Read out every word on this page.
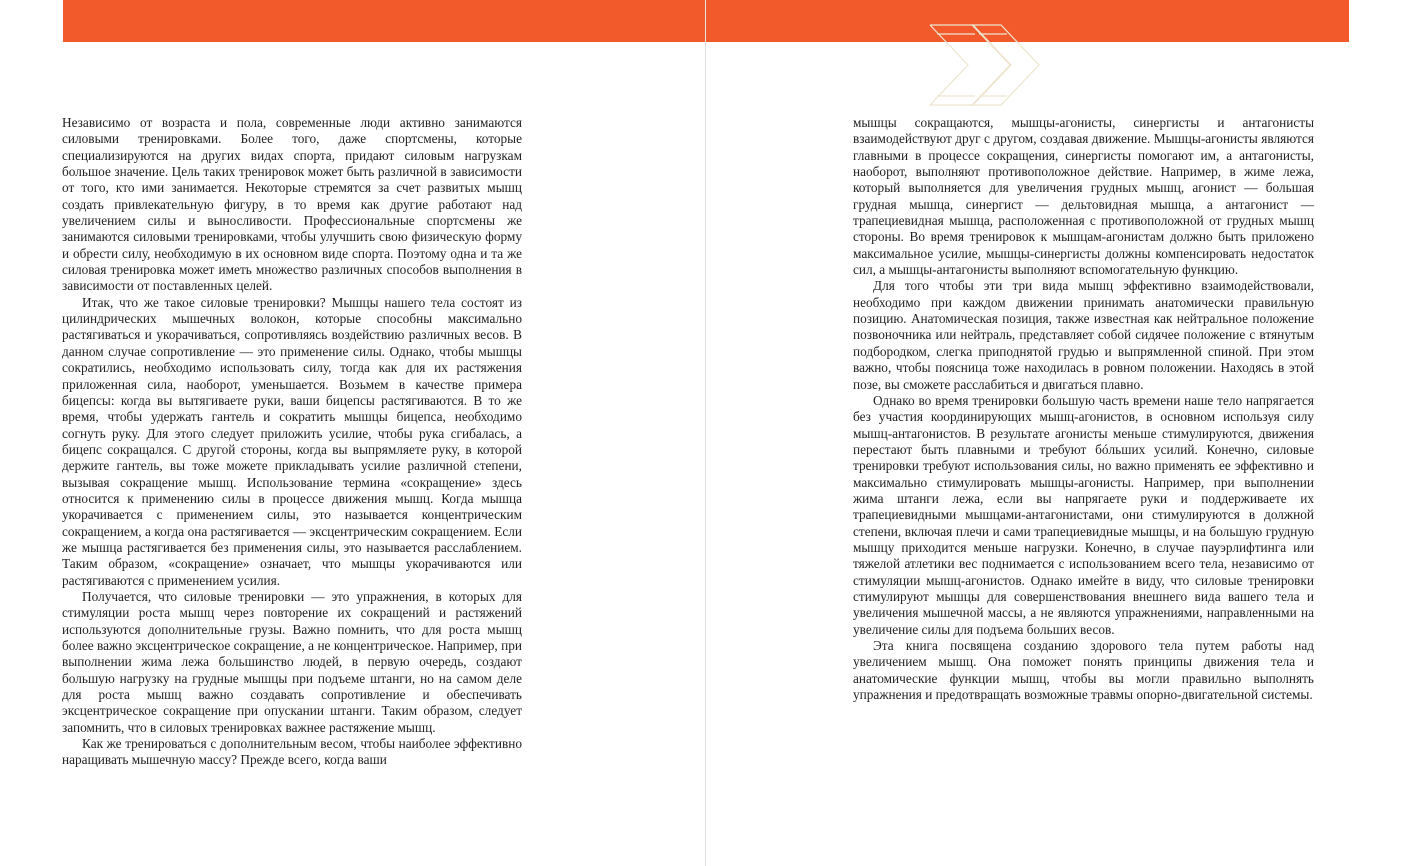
Независимо от возраста и пола, современные люди активно занимаются силовыми тренировками. Более того, даже спортсмены, которые специализируются на других видах спорта, придают силовым нагрузкам большое значение. Цель таких тренировок может быть различной в зависимости от того, кто ими занимается. Некоторые стремятся за счет развитых мышц создать привлекательную фигуру, в то время как другие работают над увеличением силы и выносливости. Профессиональные спортсмены же занимаются силовыми тренировками, чтобы улучшить свою физическую форму и обрести силу, необходимую в их основном виде спорта. Поэтому одна и та же силовая тренировка может иметь множество различных способов выполнения в зависимости от поставленных целей.

Итак, что же такое силовые тренировки? Мышцы нашего тела состоят из цилиндрических мышечных волокон, которые способны максимально растягиваться и укорачиваться, сопротивляясь воздействию различных весов. В данном случае сопротивление — это применение силы. Однако, чтобы мышцы сократились, необходимо использовать силу, тогда как для их растяжения приложенная сила, наоборот, уменьшается. Возьмем в качестве примера бицепсы: когда вы вытягиваете руки, ваши бицепсы растягиваются. В то же время, чтобы удержать гантель и сократить мышцы бицепса, необходимо согнуть руку. Для этого следует приложить усилие, чтобы рука сгибалась, а бицепс сокращался. С другой стороны, когда вы выпрямляете руку, в которой держите гантель, вы тоже можете прикладывать усилие различной степени, вызывая сокращение мышц. Использование термина «сокращение» здесь относится к применению силы в процессе движения мышц. Когда мышца укорачивается с применением силы, это называется концентрическим сокращением, а когда она растягивается — эксцентрическим сокращением. Если же мышца растягивается без применения силы, это называется расслаблением. Таким образом, «сокращение» означает, что мышцы укорачиваются или растягиваются с применением усилия.

Получается, что силовые тренировки — это упражнения, в которых для стимуляции роста мышц через повторение их сокращений и растяжений используются дополнительные грузы. Важно помнить, что для роста мышц более важно эксцентрическое сокращение, а не концентрическое. Например, при выполнении жима лежа большинство людей, в первую очередь, создают большую нагрузку на грудные мышцы при подъеме штанги, но на самом деле для роста мышц важно создавать сопротивление и обеспечивать эксцентрическое сокращение при опускании штанги. Таким образом, следует запомнить, что в силовых тренировках важнее растяжение мышц.

Как же тренироваться с дополнительным весом, чтобы наиболее эффективно наращивать мышечную массу? Прежде всего, когда ваши

мышцы сокращаются, мышцы-агонисты, синергисты и антагонисты взаимодействуют друг с другом, создавая движение. Мышцы-агонисты являются главными в процессе сокращения, синергисты помогают им, а антагонисты, наоборот, выполняют противоположное действие. Например, в жиме лежа, который выполняется для увеличения грудных мышц, агонист — большая грудная мышца, синергист — дельтовидная мышца, а антагонист — трапециевидная мышца, расположенная с противоположной от грудных мышц стороны. Во время тренировок к мышцам-агонистам должно быть приложено максимальное усилие, мышцы-синергисты должны компенсировать недостаток сил, а мышцы-антагонисты выполняют вспомогательную функцию.

Для того чтобы эти три вида мышц эффективно взаимодействовали, необходимо при каждом движении принимать анатомически правильную позицию. Анатомическая позиция, также известная как нейтральное положение позвоночника или нейтраль, представляет собой сидячее положение с втянутым подбородком, слегка приподнятой грудью и выпрямленной спиной. При этом важно, чтобы поясница тоже находилась в ровном положении. Находясь в этой позе, вы сможете расслабиться и двигаться плавно.

Однако во время тренировки большую часть времени наше тело напрягается без участия координирующих мышц-агонистов, в основном используя силу мышц-антагонистов. В результате агонисты меньше стимулируются, движения перестают быть плавными и требуют бóльших усилий. Конечно, силовые тренировки требуют использования силы, но важно применять ее эффективно и максимально стимулировать мышцы-агонисты. Например, при выполнении жима штанги лежа, если вы напрягаете руки и поддерживаете их трапециевидными мышцами-антагонистами, они стимулируются в должной степени, включая плечи и сами трапециевидные мышцы, и на большую грудную мышцу приходится меньше нагрузки. Конечно, в случае пауэрлифтинга или тяжелой атлетики вес поднимается с использованием всего тела, независимо от стимуляции мышц-агонистов. Однако имейте в виду, что силовые тренировки стимулируют мышцы для совершенствования внешнего вида вашего тела и увеличения мышечной массы, а не являются упражнениями, направленными на увеличение силы для подъема больших весов.

Эта книга посвящена созданию здорового тела путем работы над увеличением мышц. Она поможет понять принципы движения тела и анатомические функции мышц, чтобы вы могли правильно выполнять упражнения и предотвращать возможные травмы опорно-двигательной системы.
